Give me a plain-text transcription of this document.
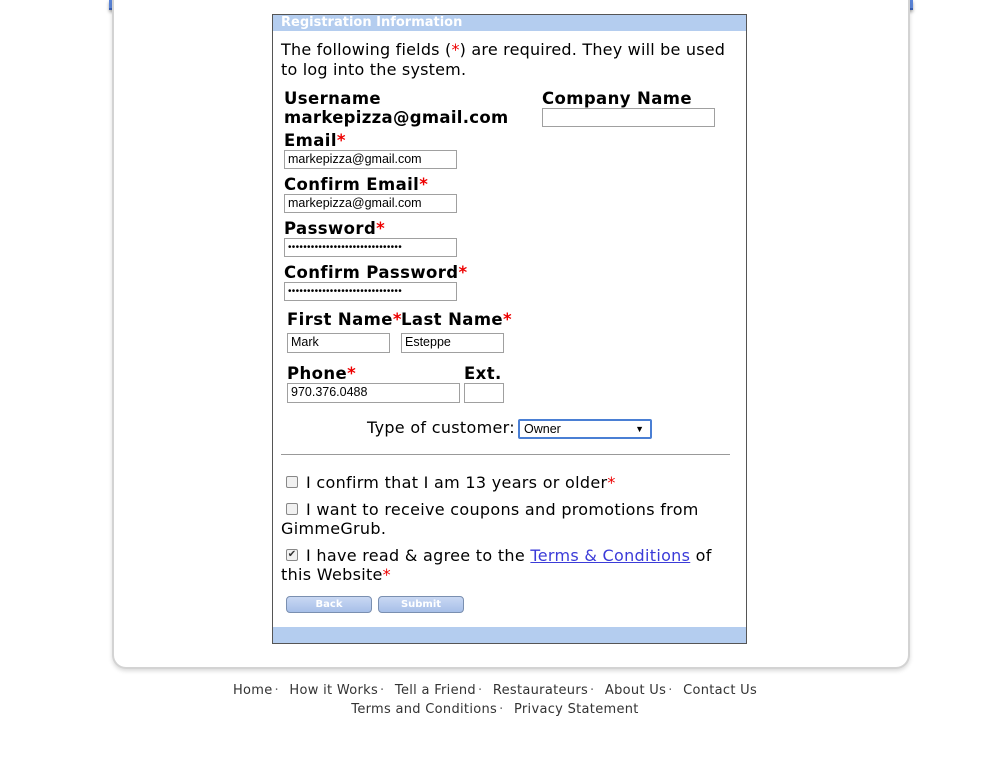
Registration Information
The following fields (*) are required. They will be used to log into the system.
Username
markepizza@gmail.com
Company Name
Email*
markepizza@gmail.com
Confirm Email*
markepizza@gmail.com
Password*
••••••••••••••••••••••••••••••
Confirm Password*
••••••••••••••••••••••••••••••
First Name*
Mark
Last Name*
Esteppe
Phone*
970.376.0488
Ext.
Type of customer: Owner	▼
I confirm that I am 13 years or older*
I want to receive coupons and promotions from GimmeGrub.
✔ I have read & agree to the Terms & Conditions of this Website*
Back	Submit
Home · How it Works · Tell a Friend · Restaurateurs · About Us · Contact Us
Terms and Conditions · Privacy Statement
